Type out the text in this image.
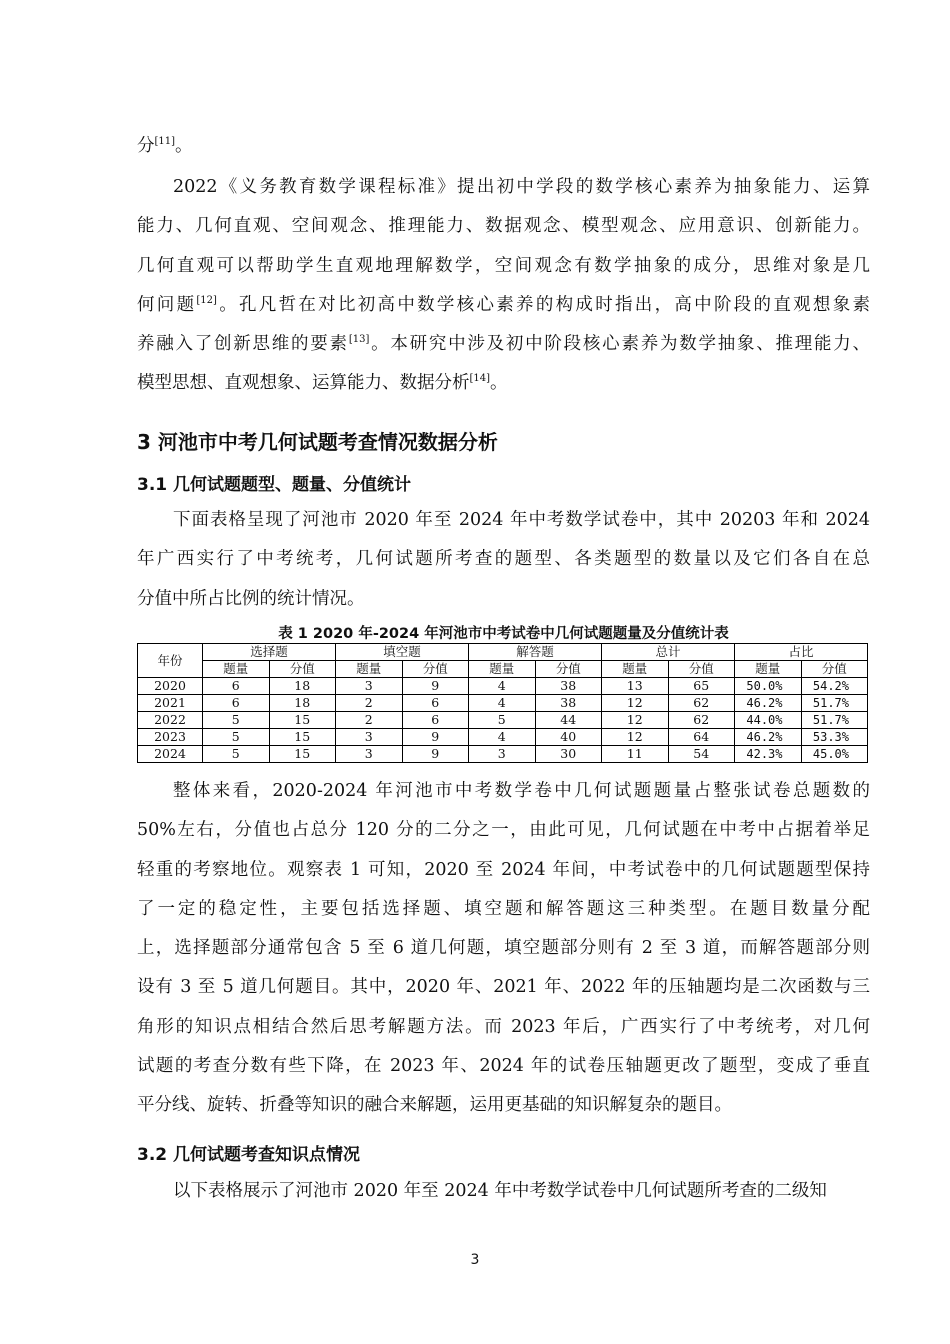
分[11]。
2022《义务教育数学课程标准》提出初中学段的数学核心素养为抽象能力、运算
能力、几何直观、空间观念、推理能力、数据观念、模型观念、应用意识、创新能力。
几何直观可以帮助学生直观地理解数学，空间观念有数学抽象的成分，思维对象是几
何问题[12]。孔凡哲在对比初高中数学核心素养的构成时指出，高中阶段的直观想象素
养融入了创新思维的要素[13]。本研究中涉及初中阶段核心素养为数学抽象、推理能力、
模型思想、直观想象、运算能力、数据分析[14]。
3 河池市中考几何试题考查情况数据分析
3.1 几何试题题型、题量、分值统计
下面表格呈现了河池市 2020 年至 2024 年中考数学试卷中，其中 20203 年和 2024
年广西实行了中考统考，几何试题所考查的题型、各类题型的数量以及它们各自在总
分值中所占比例的统计情况。
表 1 2020 年-2024 年河池市中考试卷中几何试题题量及分值统计表
年份	选择题		填空题		解答题		总计		占比	
	题量	分值	题量	分值	题量	分值	题量	分值	题量	分值
2020	6	18	3	9	4	38	13	65	50.0%	54.2%
2021	6	18	2	6	4	38	12	62	46.2%	51.7%
2022	5	15	2	6	5	44	12	62	44.0%	51.7%
2023	5	15	3	9	4	40	12	64	46.2%	53.3%
2024	5	15	3	9	3	30	11	54	42.3%	45.0%
整体来看，2020-2024 年河池市中考数学卷中几何试题题量占整张试卷总题数的
50%左右，分值也占总分 120 分的二分之一，由此可见，几何试题在中考中占据着举足
轻重的考察地位。观察表 1 可知，2020 至 2024 年间，中考试卷中的几何试题题型保持
了一定的稳定性，主要包括选择题、填空题和解答题这三种类型。在题目数量分配
上，选择题部分通常包含 5 至 6 道几何题，填空题部分则有 2 至 3 道，而解答题部分则
设有 3 至 5 道几何题目。其中，2020 年、2021 年、2022 年的压轴题均是二次函数与三
角形的知识点相结合然后思考解题方法。而 2023 年后，广西实行了中考统考，对几何
试题的考查分数有些下降，在 2023 年、2024 年的试卷压轴题更改了题型，变成了垂直
平分线、旋转、折叠等知识的融合来解题，运用更基础的知识解复杂的题目。
3.2 几何试题考查知识点情况
以下表格展示了河池市 2020 年至 2024 年中考数学试卷中几何试题所考查的二级知
3
